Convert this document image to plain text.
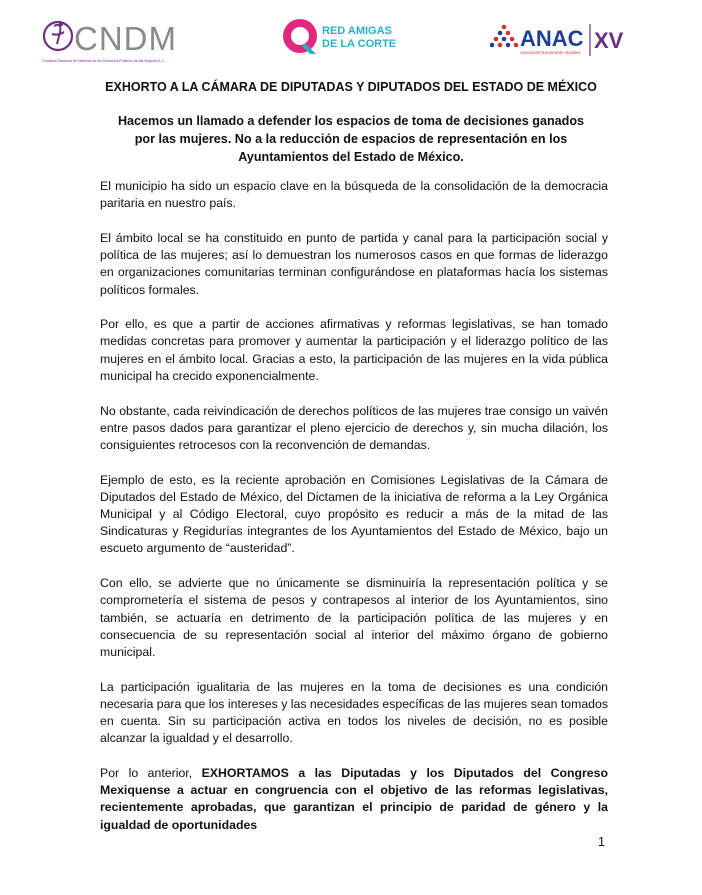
CNDM
Comisión Nacional de Defensa de los Derechos Políticos de las Mujeres A.C.
RED AMIGAS
DE LA CORTE	ANAC
Asociación Nacional de Alcaldes XV
EXHORTO A LA CÁMARA DE DIPUTADAS Y DIPUTADOS DEL ESTADO DE MÉXICO
Hacemos un llamado a defender los espacios de toma de decisiones ganados por las mujeres. No a la reducción de espacios de representación en los Ayuntamientos del Estado de México.

El municipio ha sido un espacio clave en la búsqueda de la consolidación de la democracia paritaria en nuestro país.

El ámbito local se ha constituido en punto de partida y canal para la participación social y política de las mujeres; así lo demuestran los numerosos casos en que formas de liderazgo en organizaciones comunitarias terminan configurándose en plataformas hacía los sistemas políticos formales.

Por ello, es que a partir de acciones afirmativas y reformas legislativas, se han tomado medidas concretas para promover y aumentar la participación y el liderazgo político de las mujeres en el ámbito local. Gracias a esto, la participación de las mujeres en la vida pública municipal ha crecido exponencialmente.

No obstante, cada reivindicación de derechos políticos de las mujeres trae consigo un vaivén entre pasos dados para garantizar el pleno ejercicio de derechos y, sin mucha dilación, los consiguientes retrocesos con la reconvención de demandas.

Ejemplo de esto, es la reciente aprobación en Comisiones Legislativas de la Cámara de Diputados del Estado de México, del Dictamen de la iniciativa de reforma a la Ley Orgánica Municipal y al Código Electoral, cuyo propósito es reducir a más de la mitad de las Sindicaturas y Regidurías integrantes de los Ayuntamientos del Estado de México, bajo un escueto argumento de “austeridad”.

Con ello, se advierte que no únicamente se disminuiría la representación política y se comprometería el sistema de pesos y contrapesos al interior de los Ayuntamientos, sino también, se actuaría en detrimento de la participación política de las mujeres y en consecuencia de su representación social al interior del máximo órgano de gobierno municipal.

La participación igualitaria de las mujeres en la toma de decisiones es una condición necesaria para que los intereses y las necesidades específicas de las mujeres sean tomados en cuenta. Sin su participación activa en todos los niveles de decisión, no es posible alcanzar la igualdad y el desarrollo.

Por lo anterior, EXHORTAMOS a las Diputadas y los Diputados del Congreso Mexiquense a actuar en congruencia con el objetivo de las reformas legislativas, recientemente aprobadas, que garantizan el principio de paridad de género y la igualdad de oportunidades

1
